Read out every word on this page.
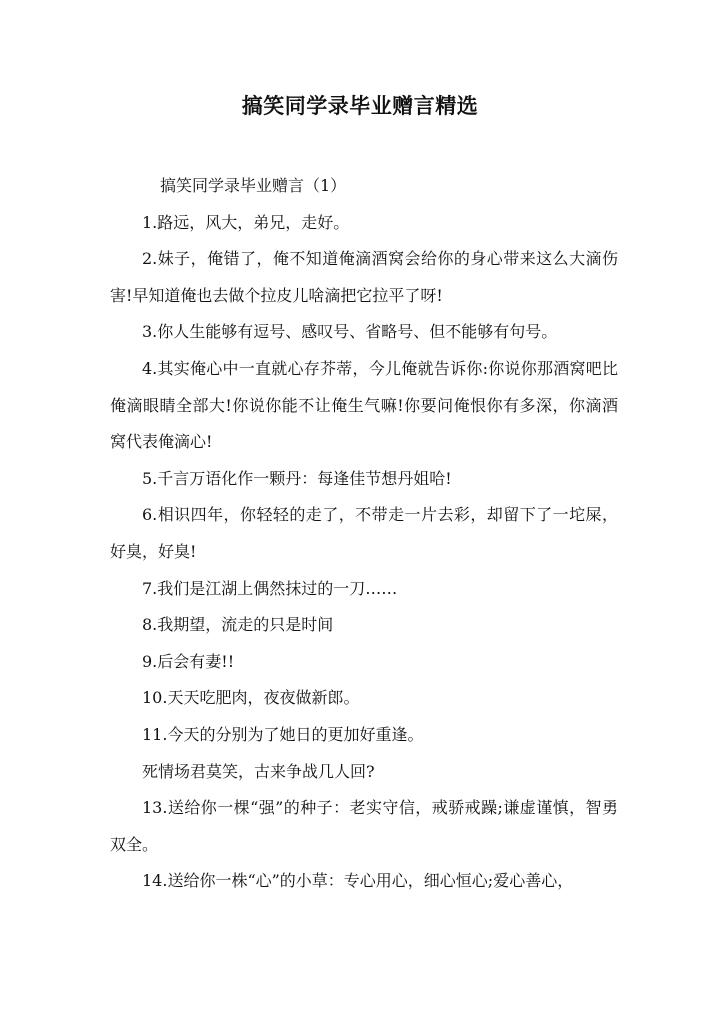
搞笑同学录毕业赠言精选

搞笑同学录毕业赠言（1）

1.路远，风大，弟兄，走好。

2.妹子，俺错了，俺不知道俺滴酒窝会给你的身心带来这么大滴伤害!早知道俺也去做个拉皮儿啥滴把它拉平了呀!

3.你人生能够有逗号、感叹号、省略号、但不能够有句号。

4.其实俺心中一直就心存芥蒂，今儿俺就告诉你:你说你那酒窝吧比俺滴眼睛全部大!你说你能不让俺生气嘛!你要问俺恨你有多深，你滴酒窝代表俺滴心!

5.千言万语化作一颗丹：每逢佳节想丹姐哈!

6.相识四年，你轻轻的走了，不带走一片去彩，却留下了一坨屎，好臭，好臭!

7.我们是江湖上偶然抹过的一刀……

8.我期望，流走的只是时间

9.后会有妻!!

10.天天吃肥肉，夜夜做新郎。

11.今天的分别为了她日的更加好重逢。

死情场君莫笑，古来争战几人回?

13.送给你一棵“强”的种子：老实守信，戒骄戒躁;谦虚谨慎，智勇双全。

14.送给你一株“心”的小草：专心用心，细心恒心;爱心善心，
